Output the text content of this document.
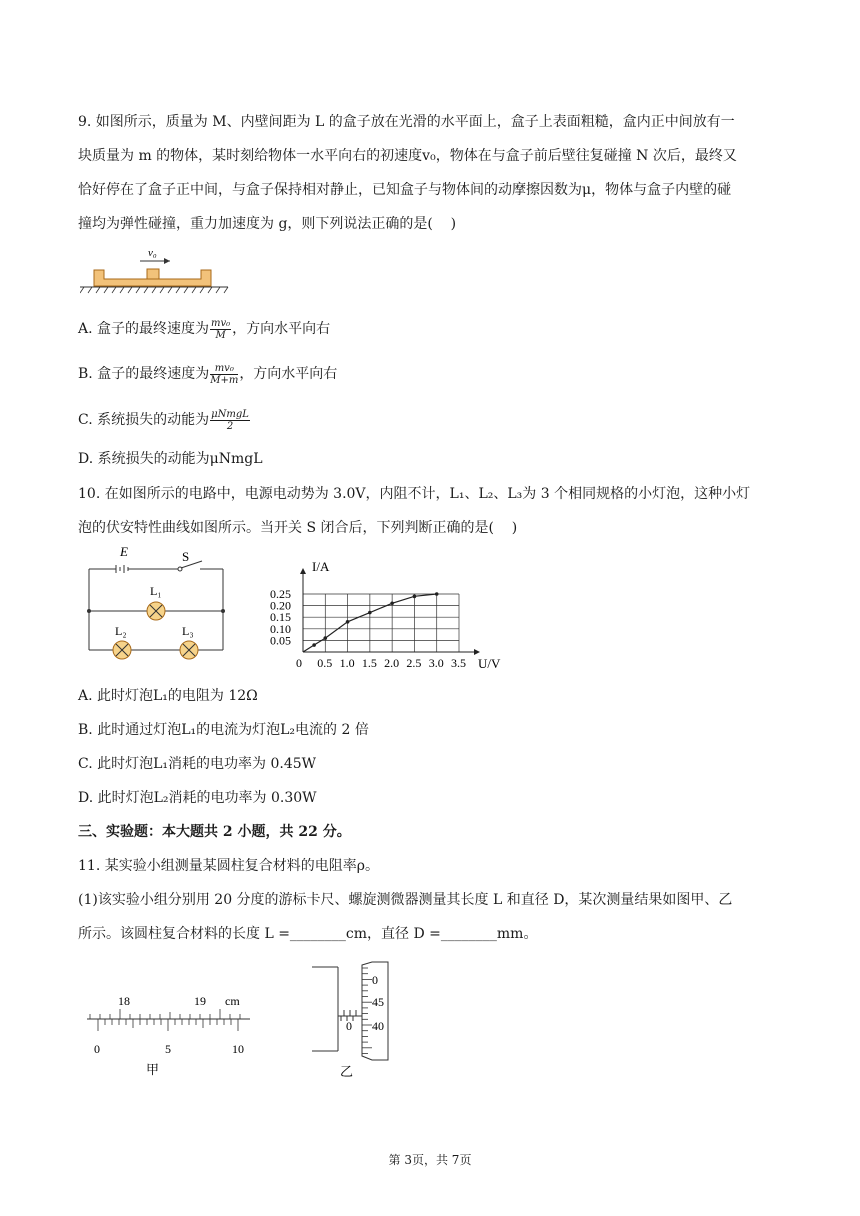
9. 如图所示，质量为 M、内壁间距为 L 的盒子放在光滑的水平面上，盒子上表面粗糙，盒内正中间放有一
块质量为 m 的物体，某时刻给物体一水平向右的初速度v₀，物体在与盒子前后壁往复碰撞 N 次后，最终又
恰好停在了盒子正中间，与盒子保持相对静止，已知盒子与物体间的动摩擦因数为μ，物体与盒子内壁的碰
撞均为弹性碰撞，重力加速度为 g，则下列说法正确的是(    )
v₀
A. 盒子的最终速度为 $\frac{\text{mv₀}}{M}$ ，方向水平向右
B. 盒子的最终速度为 $\frac{\text{mv₀}}{M+m}$ ，方向水平向右
C. 系统损失的动能为 $\frac{\text{μNmgL}}{2}$
D. 系统损失的动能为μNmgL
10. 在如图所示的电路中，电源电动势为 3.0V，内阻不计，L₁、L₂、L₃为 3 个相同规格的小灯泡，这种小灯
泡的伏安特性曲线如图所示。当开关 S 闭合后，下列判断正确的是(    )
E	S
L₁
L₂	L₃
0.25
0.20
0.15
0.10
0.05
0 0.5 1.0 1.5 2.0 2.5 3.0 3.5
I/A
U/V
A. 此时灯泡L₁的电阻为 12Ω
B. 此时通过灯泡L₁的电流为灯泡L₂电流的 2 倍
C. 此时灯泡L₁消耗的电功率为 0.45W
D. 此时灯泡L₂消耗的电功率为 0.30W
三、实验题：本大题共 2 小题，共 22 分。
11. 某实验小组测量某圆柱复合材料的电阻率ρ。
(1)该实验小组分别用 20 分度的游标卡尺、螺旋测微器测量其长度 L 和直径 D，某次测量结果如图甲、乙
所示。该圆柱复合材料的长度 L =________cm，直径 D =________mm。
18	19 cm
0	5	10
甲
0
45
40
0
乙
第 3页，共 7页
